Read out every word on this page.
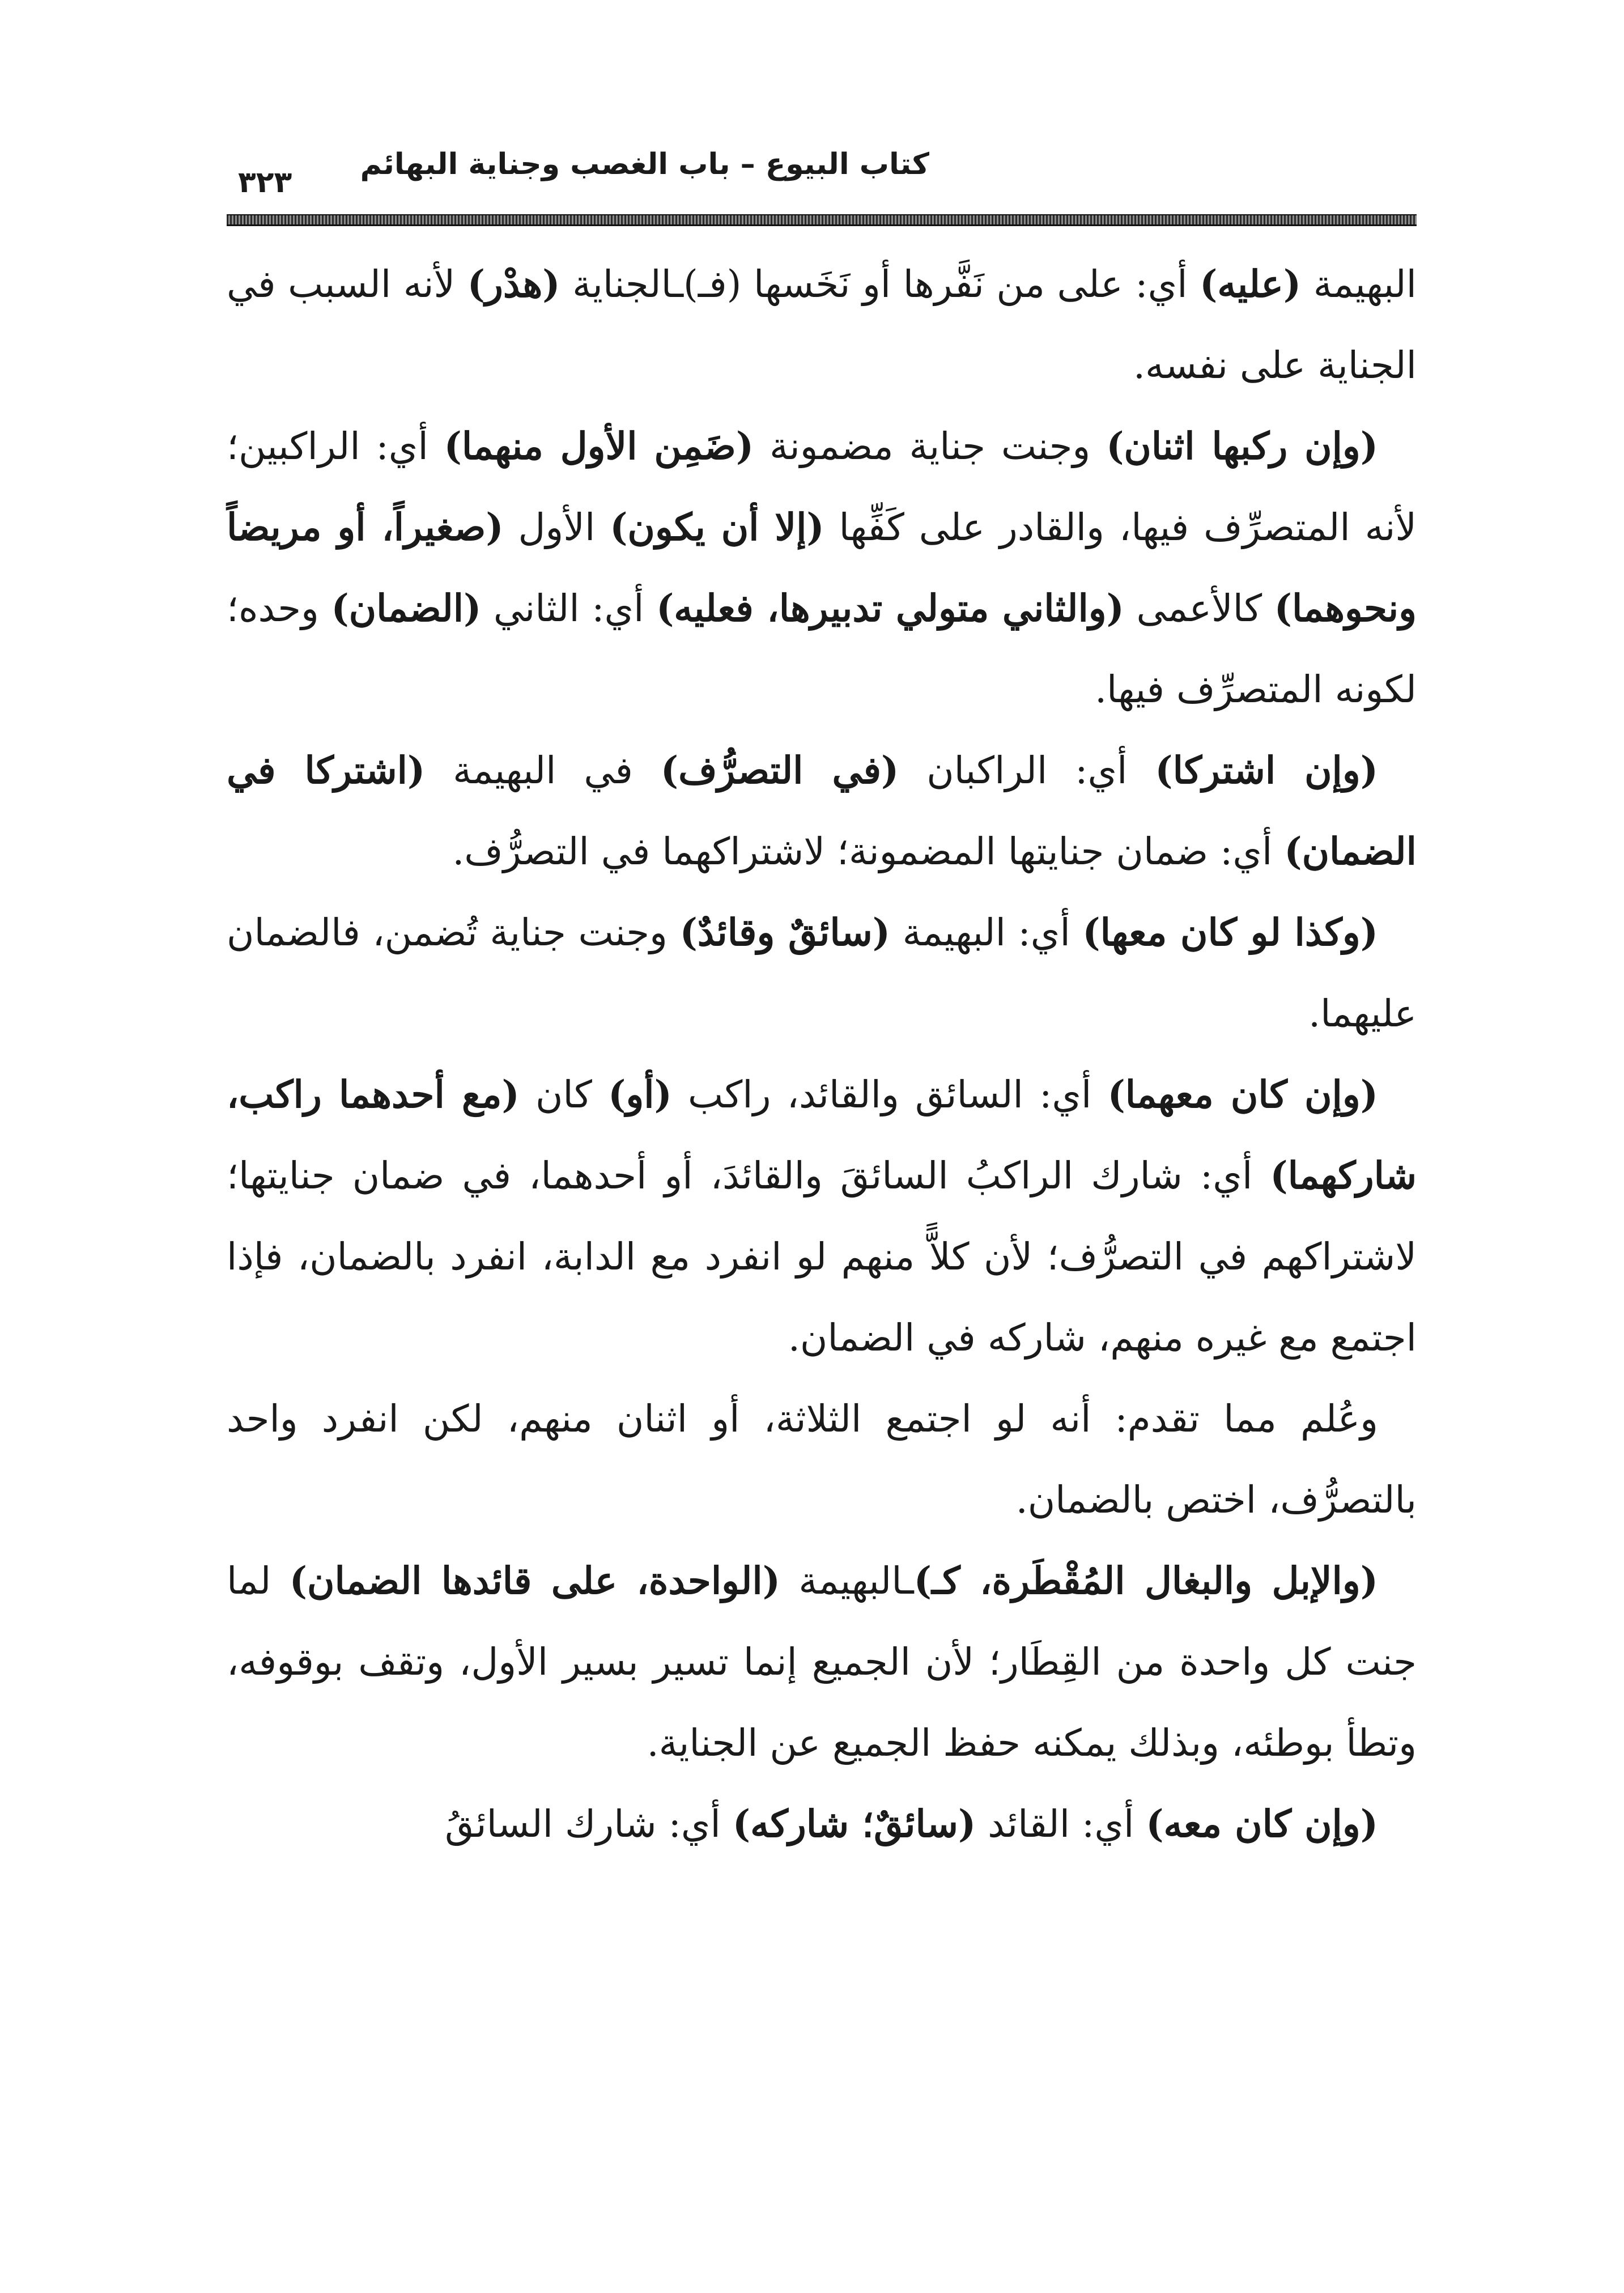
كتاب البيوع – باب الغصب وجناية البهائم
٣٢٣

البهيمة (عليه) أي: على من نَفَّرها أو نَخَسها (فـ)ـالجناية (هدْر) لأنه السبب في الجناية على نفسه.

(وإن ركبها اثنان) وجنت جناية مضمونة (ضَمِن الأول منهما) أي: الراكبين؛ لأنه المتصرِّف فيها، والقادر على كَفِّها (إلا أن يكون) الأول (صغيراً، أو مريضاً ونحوهما) كالأعمى (والثاني متولي تدبيرها، فعليه) أي: الثاني (الضمان) وحده؛ لكونه المتصرِّف فيها.

(وإن اشتركا) أي: الراكبان (في التصرُّف) في البهيمة (اشتركا في الضمان) أي: ضمان جنايتها المضمونة؛ لاشتراكهما في التصرُّف.

(وكذا لو كان معها) أي: البهيمة (سائقٌ وقائدٌ) وجنت جناية تُضمن، فالضمان عليهما.

(وإن كان معهما) أي: السائق والقائد، راكب (أو) كان (مع أحدهما راكب، شاركهما) أي: شارك الراكبُ السائقَ والقائدَ، أو أحدهما، في ضمان جنايتها؛ لاشتراكهم في التصرُّف؛ لأن كلاًّ منهم لو انفرد مع الدابة، انفرد بالضمان، فإذا اجتمع مع غيره منهم، شاركه في الضمان.

وعُلم مما تقدم: أنه لو اجتمع الثلاثة، أو اثنان منهم، لكن انفرد واحد بالتصرُّف، اختص بالضمان.

(والإبل والبغال المُقْطَرة، كـ)ـالبهيمة (الواحدة، على قائدها الضمان) لما جنت كل واحدة من القِطَار؛ لأن الجميع إنما تسير بسير الأول، وتقف بوقوفه، وتطأ بوطئه، وبذلك يمكنه حفظ الجميع عن الجناية.

(وإن كان معه) أي: القائد (سائقٌ؛ شاركه) أي: شارك السائقُ
